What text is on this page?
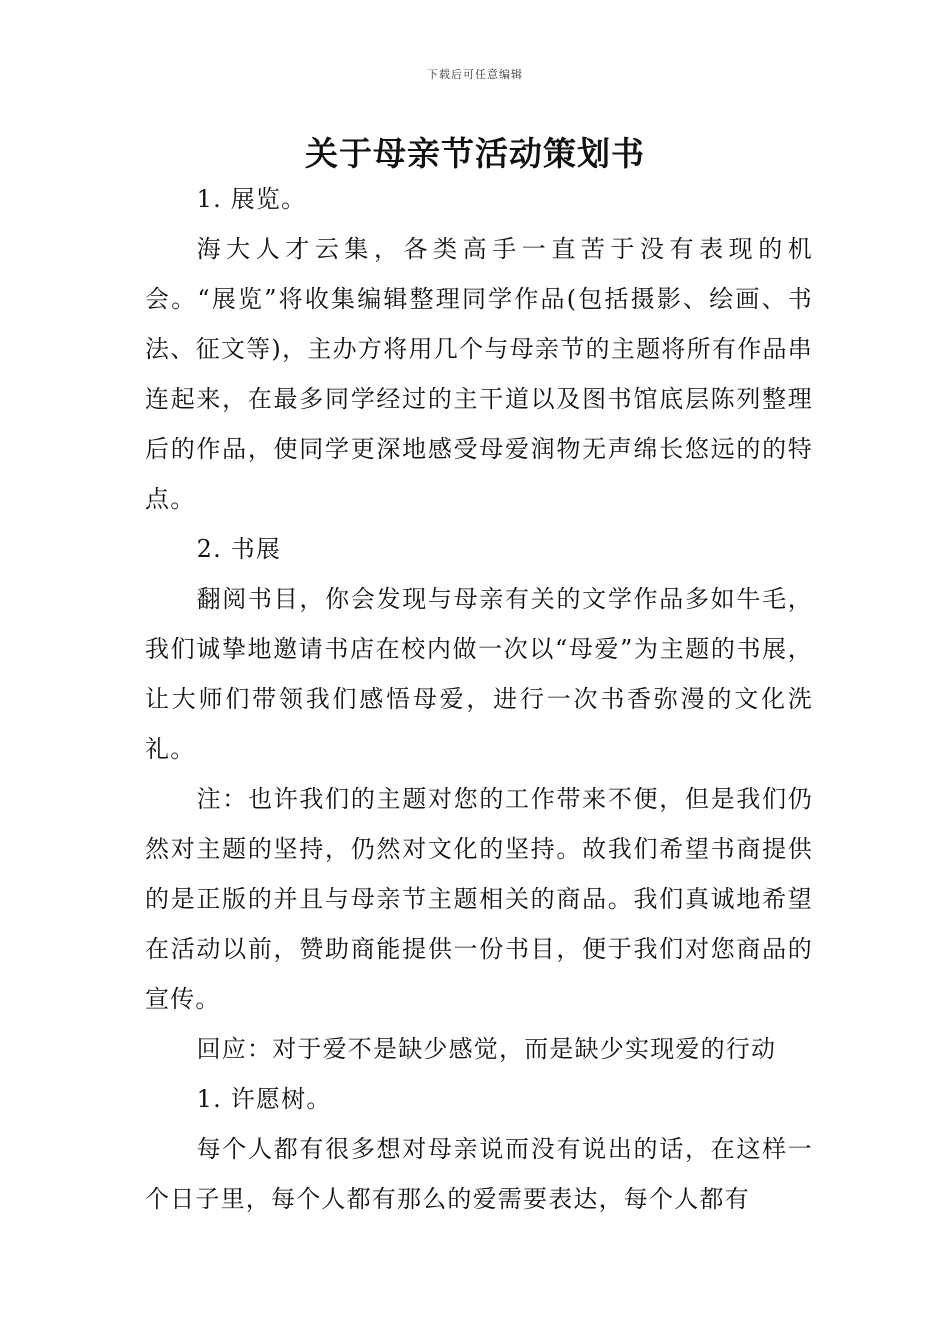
下载后可任意编辑
关于母亲节活动策划书

1. 展览。

海大人才云集，各类高手一直苦于没有表现的机会。“展览”将收集编辑整理同学作品(包括摄影、绘画、书法、征文等)，主办方将用几个与母亲节的主题将所有作品串连起来，在最多同学经过的主干道以及图书馆底层陈列整理后的作品，使同学更深地感受母爱润物无声绵长悠远的的特点。

2. 书展

翻阅书目，你会发现与母亲有关的文学作品多如牛毛，我们诚挚地邀请书店在校内做一次以“母爱”为主题的书展，让大师们带领我们感悟母爱，进行一次书香弥漫的文化洗礼。

注：也许我们的主题对您的工作带来不便，但是我们仍然对主题的坚持，仍然对文化的坚持。故我们希望书商提供的是正版的并且与母亲节主题相关的商品。我们真诚地希望在活动以前，赞助商能提供一份书目，便于我们对您商品的宣传。

回应：对于爱不是缺少感觉，而是缺少实现爱的行动

1. 许愿树。

每个人都有很多想对母亲说而没有说出的话，在这样一个日子里，每个人都有那么的爱需要表达，每个人都有
